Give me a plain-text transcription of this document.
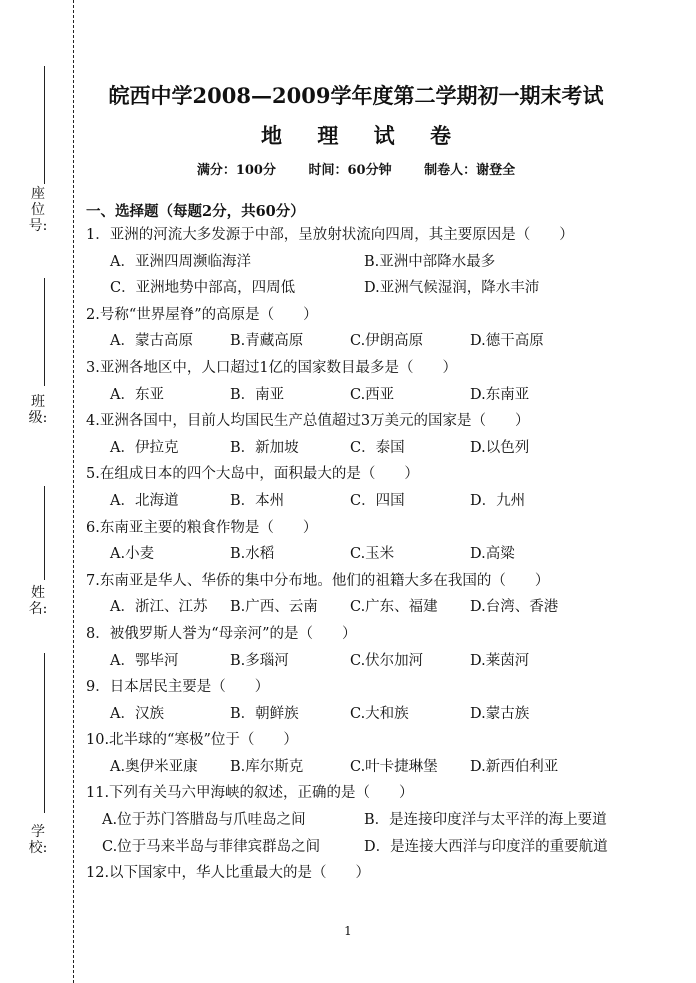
座位号:
班级:
姓名:
学校:
皖西中学2008—2009学年度第二学期初一期末考试
地 理 试 卷
满分：100分	时间：60分钟	制卷人：谢登全
一、选择题（每题2分，共60分）
1．亚洲的河流大多发源于中部，呈放射状流向四周，其主要原因是（　　）
A．亚洲四周濒临海洋	B.亚洲中部降水最多
C．亚洲地势中部高，四周低	D.亚洲气候湿润，降水丰沛
2.号称“世界屋脊”的高原是（　　）
A．蒙古高原	B.青藏高原	C.伊朗高原	D.德干高原
3.亚洲各地区中，人口超过1亿的国家数目最多是（　　）
A．东亚	B．南亚	C.西亚	D.东南亚
4.亚洲各国中，目前人均国民生产总值超过3万美元的国家是（　　）
A．伊拉克	B．新加坡	C．泰国	D.以色列
5.在组成日本的四个大岛中，面积最大的是（　　）
A．北海道	B．本州	C．四国	D．九州
6.东南亚主要的粮食作物是（　　）
A.小麦	B.水稻	C.玉米	D.高粱
7.东南亚是华人、华侨的集中分布地。他们的祖籍大多在我国的（　　）
A．浙江、江苏	B.广西、云南	C.广东、福建	D.台湾、香港
8．被俄罗斯人誉为“母亲河”的是（　　）
A．鄂毕河	B.多瑙河	C.伏尔加河	D.莱茵河
9．日本居民主要是（　　）
A．汉族	B．朝鲜族	C.大和族	D.蒙古族
10.北半球的“寒极”位于（　　）
A.奥伊米亚康	B.库尔斯克	C.叶卡捷琳堡	D.新西伯利亚
11.下列有关马六甲海峡的叙述，正确的是（　　）
A.位于苏门答腊岛与爪哇岛之间	B．是连接印度洋与太平洋的海上要道
C.位于马来半岛与菲律宾群岛之间	D．是连接大西洋与印度洋的重要航道
12.以下国家中，华人比重最大的是（　　）
1
